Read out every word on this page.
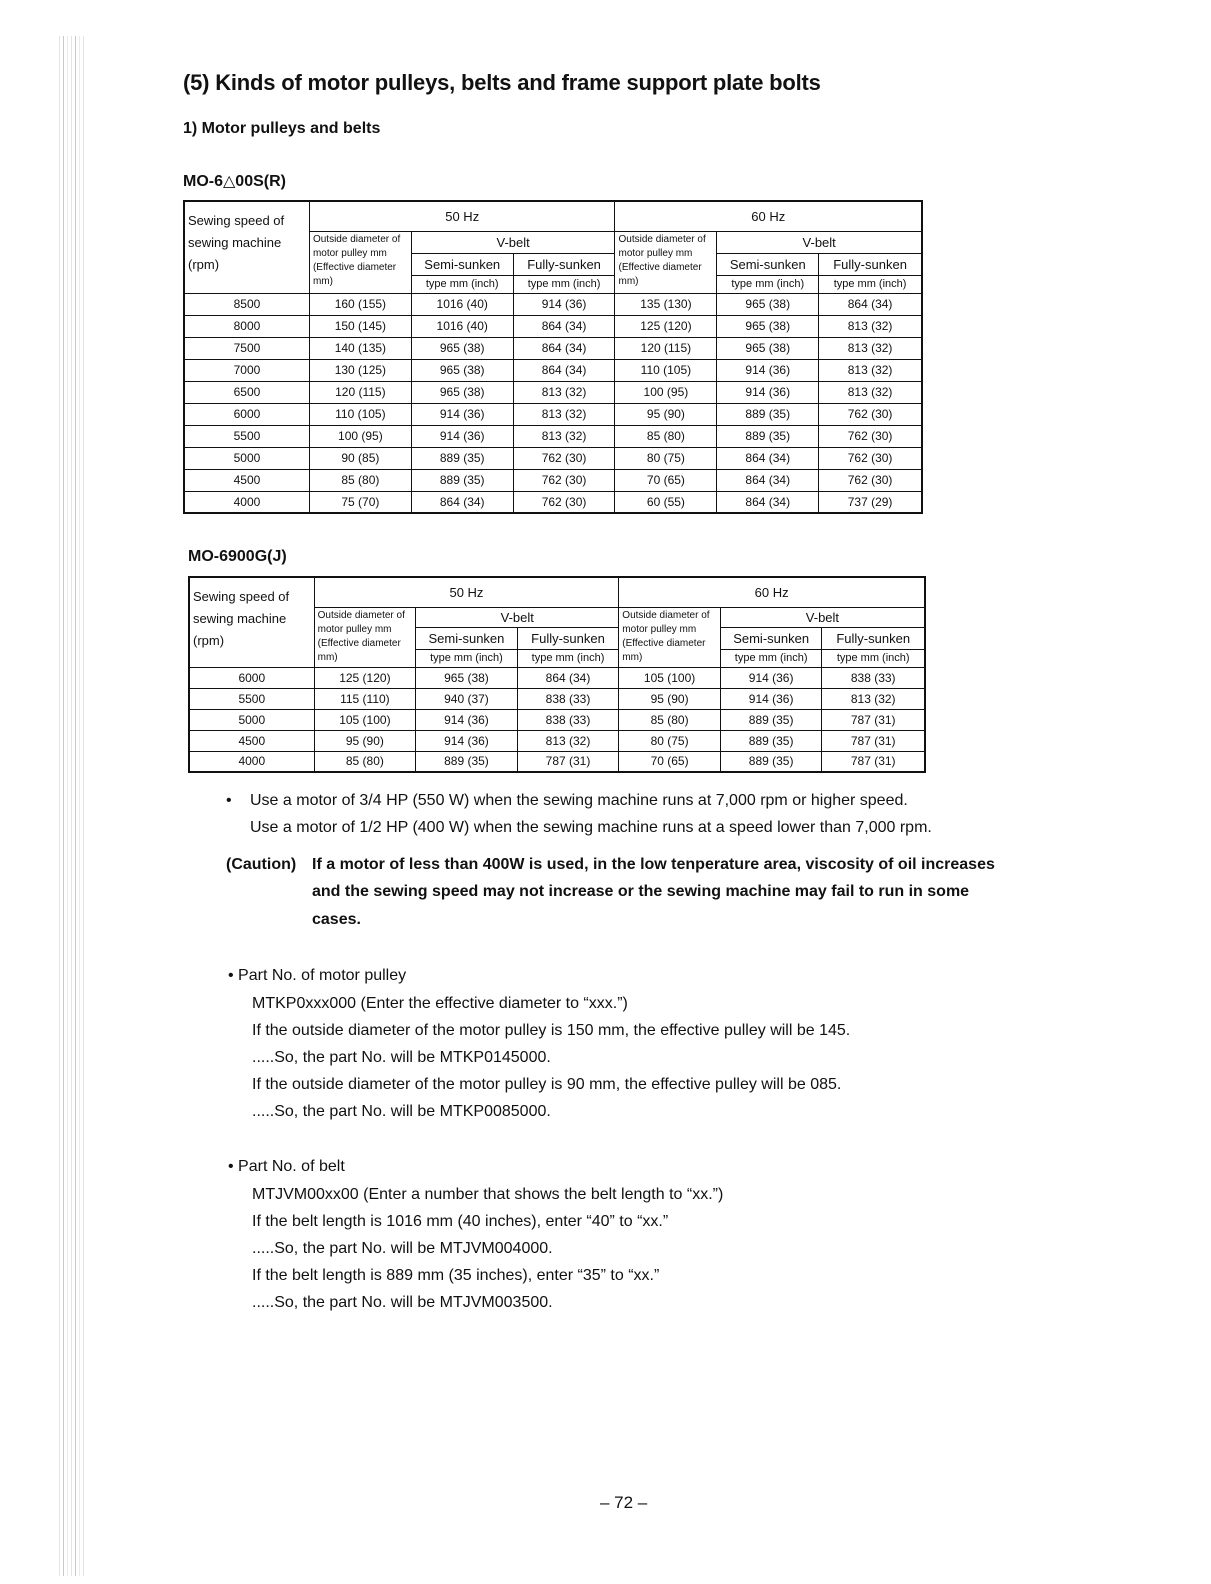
(5) Kinds of motor pulleys, belts and frame support plate bolts

1) Motor pulleys and belts

MO-6△00S(R)

Sewing speed of sewing machine (rpm)	50 Hz			60 Hz		
	Outside diameter of motor pulley mm (Effective diameter mm)	V-belt		Outside diameter of motor pulley mm (Effective diameter mm)	V-belt	
		Semi-sunken	Fully-sunken		Semi-sunken	Fully-sunken
		type mm (inch)	type mm (inch)		type mm (inch)	type mm (inch)
8500	160 (155)	1016 (40)	914 (36)	135 (130)	965 (38)	864 (34)
8000	150 (145)	1016 (40)	864 (34)	125 (120)	965 (38)	813 (32)
7500	140 (135)	965 (38)	864 (34)	120 (115)	965 (38)	813 (32)
7000	130 (125)	965 (38)	864 (34)	110 (105)	914 (36)	813 (32)
6500	120 (115)	965 (38)	813 (32)	100 (95)	914 (36)	813 (32)
6000	110 (105)	914 (36)	813 (32)	95 (90)	889 (35)	762 (30)
5500	100 (95)	914 (36)	813 (32)	85 (80)	889 (35)	762 (30)
5000	90 (85)	889 (35)	762 (30)	80 (75)	864 (34)	762 (30)
4500	85 (80)	889 (35)	762 (30)	70 (65)	864 (34)	762 (30)
4000	75 (70)	864 (34)	762 (30)	60 (55)	864 (34)	737 (29)

MO-6900G(J)

Sewing speed of sewing machine (rpm)	50 Hz			60 Hz		
	Outside diameter of motor pulley mm (Effective diameter mm)	V-belt		Outside diameter of motor pulley mm (Effective diameter mm)	V-belt	
		Semi-sunken	Fully-sunken		Semi-sunken	Fully-sunken
		type mm (inch)	type mm (inch)		type mm (inch)	type mm (inch)
6000	125 (120)	965 (38)	864 (34)	105 (100)	914 (36)	838 (33)
5500	115 (110)	940 (37)	838 (33)	95 (90)	914 (36)	813 (32)
5000	105 (100)	914 (36)	838 (33)	85 (80)	889 (35)	787 (31)
4500	95 (90)	914 (36)	813 (32)	80 (75)	889 (35)	787 (31)
4000	85 (80)	889 (35)	787 (31)	70 (65)	889 (35)	787 (31)
• Use a motor of 3/4 HP (550 W) when the sewing machine runs at 7,000 rpm or higher speed.
Use a motor of 1/2 HP (400 W) when the sewing machine runs at a speed lower than 7,000 rpm.
(Caution) If a motor of less than 400W is used, in the low tenperature area, viscosity of oil increases
and the sewing speed may not increase or the sewing machine may fail to run in some
cases.
• Part No. of motor pulley
MTKP0xxx000 (Enter the effective diameter to “xxx.”)
If the outside diameter of the motor pulley is 150 mm, the effective pulley will be 145.
.....So, the part No. will be MTKP0145000.
If the outside diameter of the motor pulley is 90 mm, the effective pulley will be 085.
.....So, the part No. will be MTKP0085000.
• Part No. of belt
MTJVM00xx00 (Enter a number that shows the belt length to “xx.”)
If the belt length is 1016 mm (40 inches), enter “40” to “xx.”
.....So, the part No. will be MTJVM004000.
If the belt length is 889 mm (35 inches), enter “35” to “xx.”
.....So, the part No. will be MTJVM003500.
– 72 –
